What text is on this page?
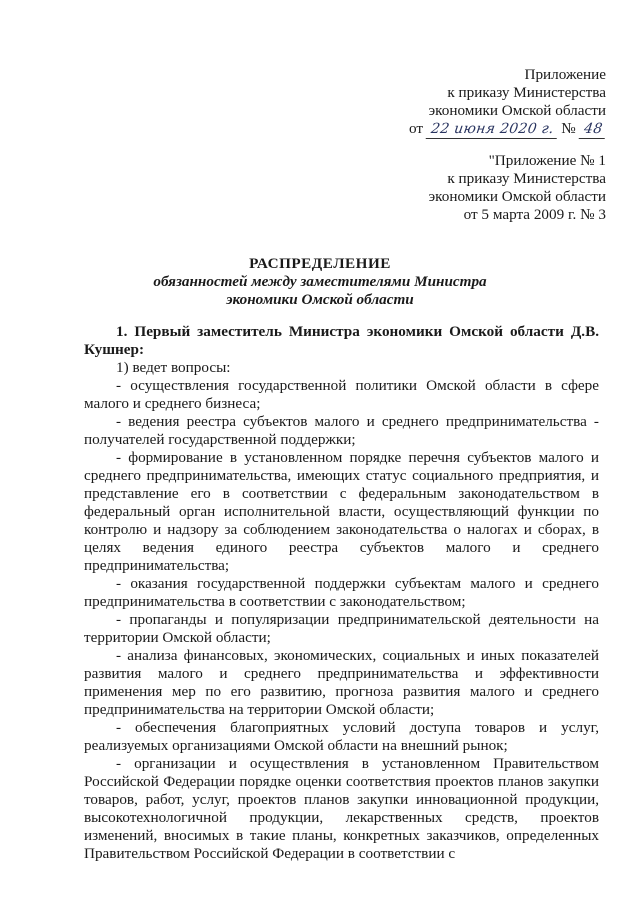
Приложение
к приказу Министерства
экономики Омской области
от 22 июня 2020 г. № 48
"Приложение № 1
к приказу Министерства
экономики Омской области
от 5 марта 2009 г. № 3
РАСПРЕДЕЛЕНИЕ
обязанностей между заместителями Министра
экономики Омской области

1. Первый заместитель Министра экономики Омской области Д.В. Кушнер:

1) ведет вопросы:

- осуществления государственной политики Омской области в сфере малого и среднего бизнеса;

- ведения реестра субъектов малого и среднего предпринимательства - получателей государственной поддержки;

- формирование в установленном порядке перечня субъектов малого и среднего предпринимательства, имеющих статус социального предприятия, и представление его в соответствии с федеральным законодательством в федеральный орган исполнительной власти, осуществляющий функции по контролю и надзору за соблюдением законодательства о налогах и сборах, в целях ведения единого реестра субъектов малого и среднего предпринимательства;

- оказания государственной поддержки субъектам малого и среднего предпринимательства в соответствии с законодательством;

- пропаганды и популяризации предпринимательской деятельности на территории Омской области;

- анализа финансовых, экономических, социальных и иных показателей развития малого и среднего предпринимательства и эффективности применения мер по его развитию, прогноза развития малого и среднего предпринимательства на территории Омской области;

- обеспечения благоприятных условий доступа товаров и услуг, реализуемых организациями Омской области на внешний рынок;

- организации и осуществления в установленном Правительством Российской Федерации порядке оценки соответствия проектов планов закупки товаров, работ, услуг, проектов планов закупки инновационной продукции, высокотехнологичной продукции, лекарственных средств, проектов изменений, вносимых в такие планы, конкретных заказчиков, определенных Правительством Российской Федерации в соответствии с
